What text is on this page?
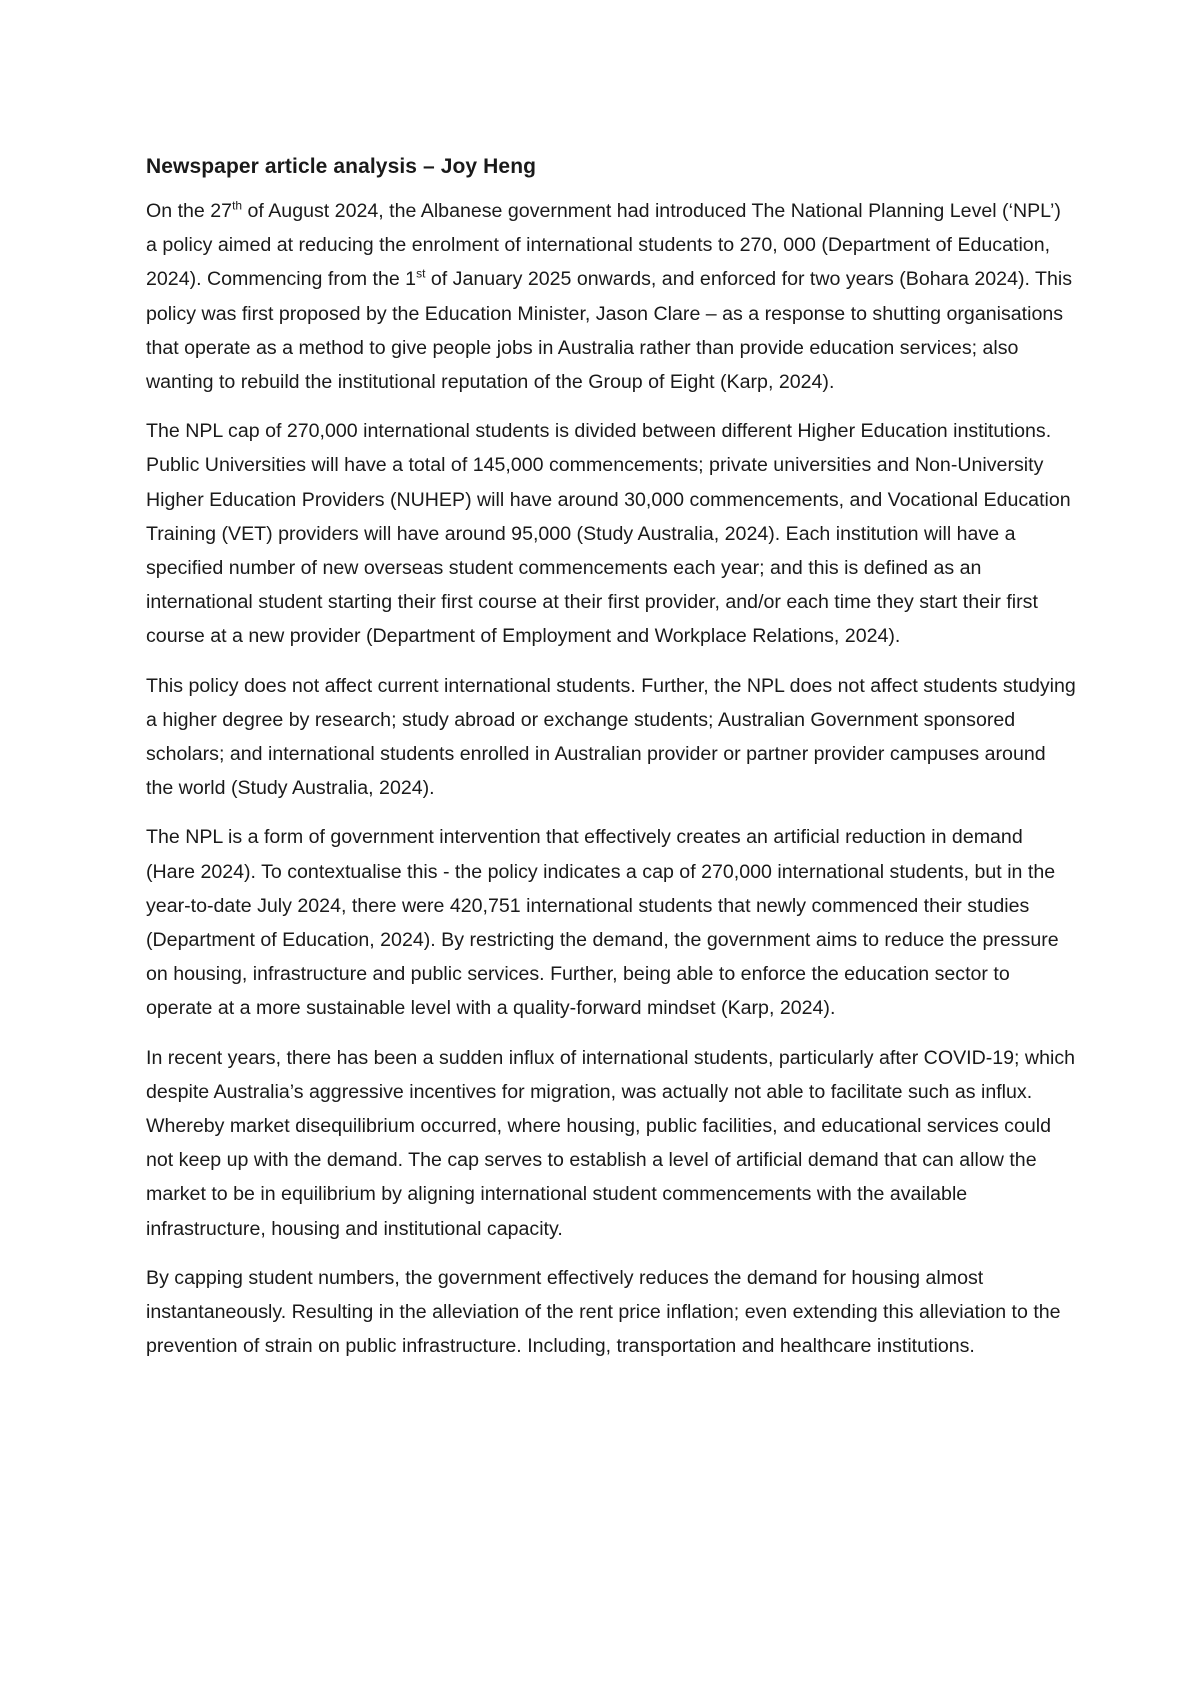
Newspaper article analysis – Joy Heng

On the 27th of August 2024, the Albanese government had introduced The National Planning Level (‘NPL’) a policy aimed at reducing the enrolment of international students to 270, 000 (Department of Education, 2024). Commencing from the 1st of January 2025 onwards, and enforced for two years (Bohara 2024). This policy was first proposed by the Education Minister, Jason Clare – as a response to shutting organisations that operate as a method to give people jobs in Australia rather than provide education services; also wanting to rebuild the institutional reputation of the Group of Eight (Karp, 2024).

The NPL cap of 270,000 international students is divided between different Higher Education institutions. Public Universities will have a total of 145,000 commencements; private universities and Non-University Higher Education Providers (NUHEP) will have around 30,000 commencements, and Vocational Education Training (VET) providers will have around 95,000 (Study Australia, 2024). Each institution will have a specified number of new overseas student commencements each year; and this is defined as an international student starting their first course at their first provider, and/or each time they start their first course at a new provider (Department of Employment and Workplace Relations, 2024).

This policy does not affect current international students. Further, the NPL does not affect students studying a higher degree by research; study abroad or exchange students; Australian Government sponsored scholars; and international students enrolled in Australian provider or partner provider campuses around the world (Study Australia, 2024).

The NPL is a form of government intervention that effectively creates an artificial reduction in demand (Hare 2024). To contextualise this - the policy indicates a cap of 270,000 international students, but in the year-to-date July 2024, there were 420,751 international students that newly commenced their studies (Department of Education, 2024). By restricting the demand, the government aims to reduce the pressure on housing, infrastructure and public services. Further, being able to enforce the education sector to operate at a more sustainable level with a quality-forward mindset (Karp, 2024).

In recent years, there has been a sudden influx of international students, particularly after COVID-19; which despite Australia’s aggressive incentives for migration, was actually not able to facilitate such as influx. Whereby market disequilibrium occurred, where housing, public facilities, and educational services could not keep up with the demand. The cap serves to establish a level of artificial demand that can allow the market to be in equilibrium by aligning international student commencements with the available infrastructure, housing and institutional capacity.

By capping student numbers, the government effectively reduces the demand for housing almost instantaneously. Resulting in the alleviation of the rent price inflation; even extending this alleviation to the prevention of strain on public infrastructure. Including, transportation and healthcare institutions.
